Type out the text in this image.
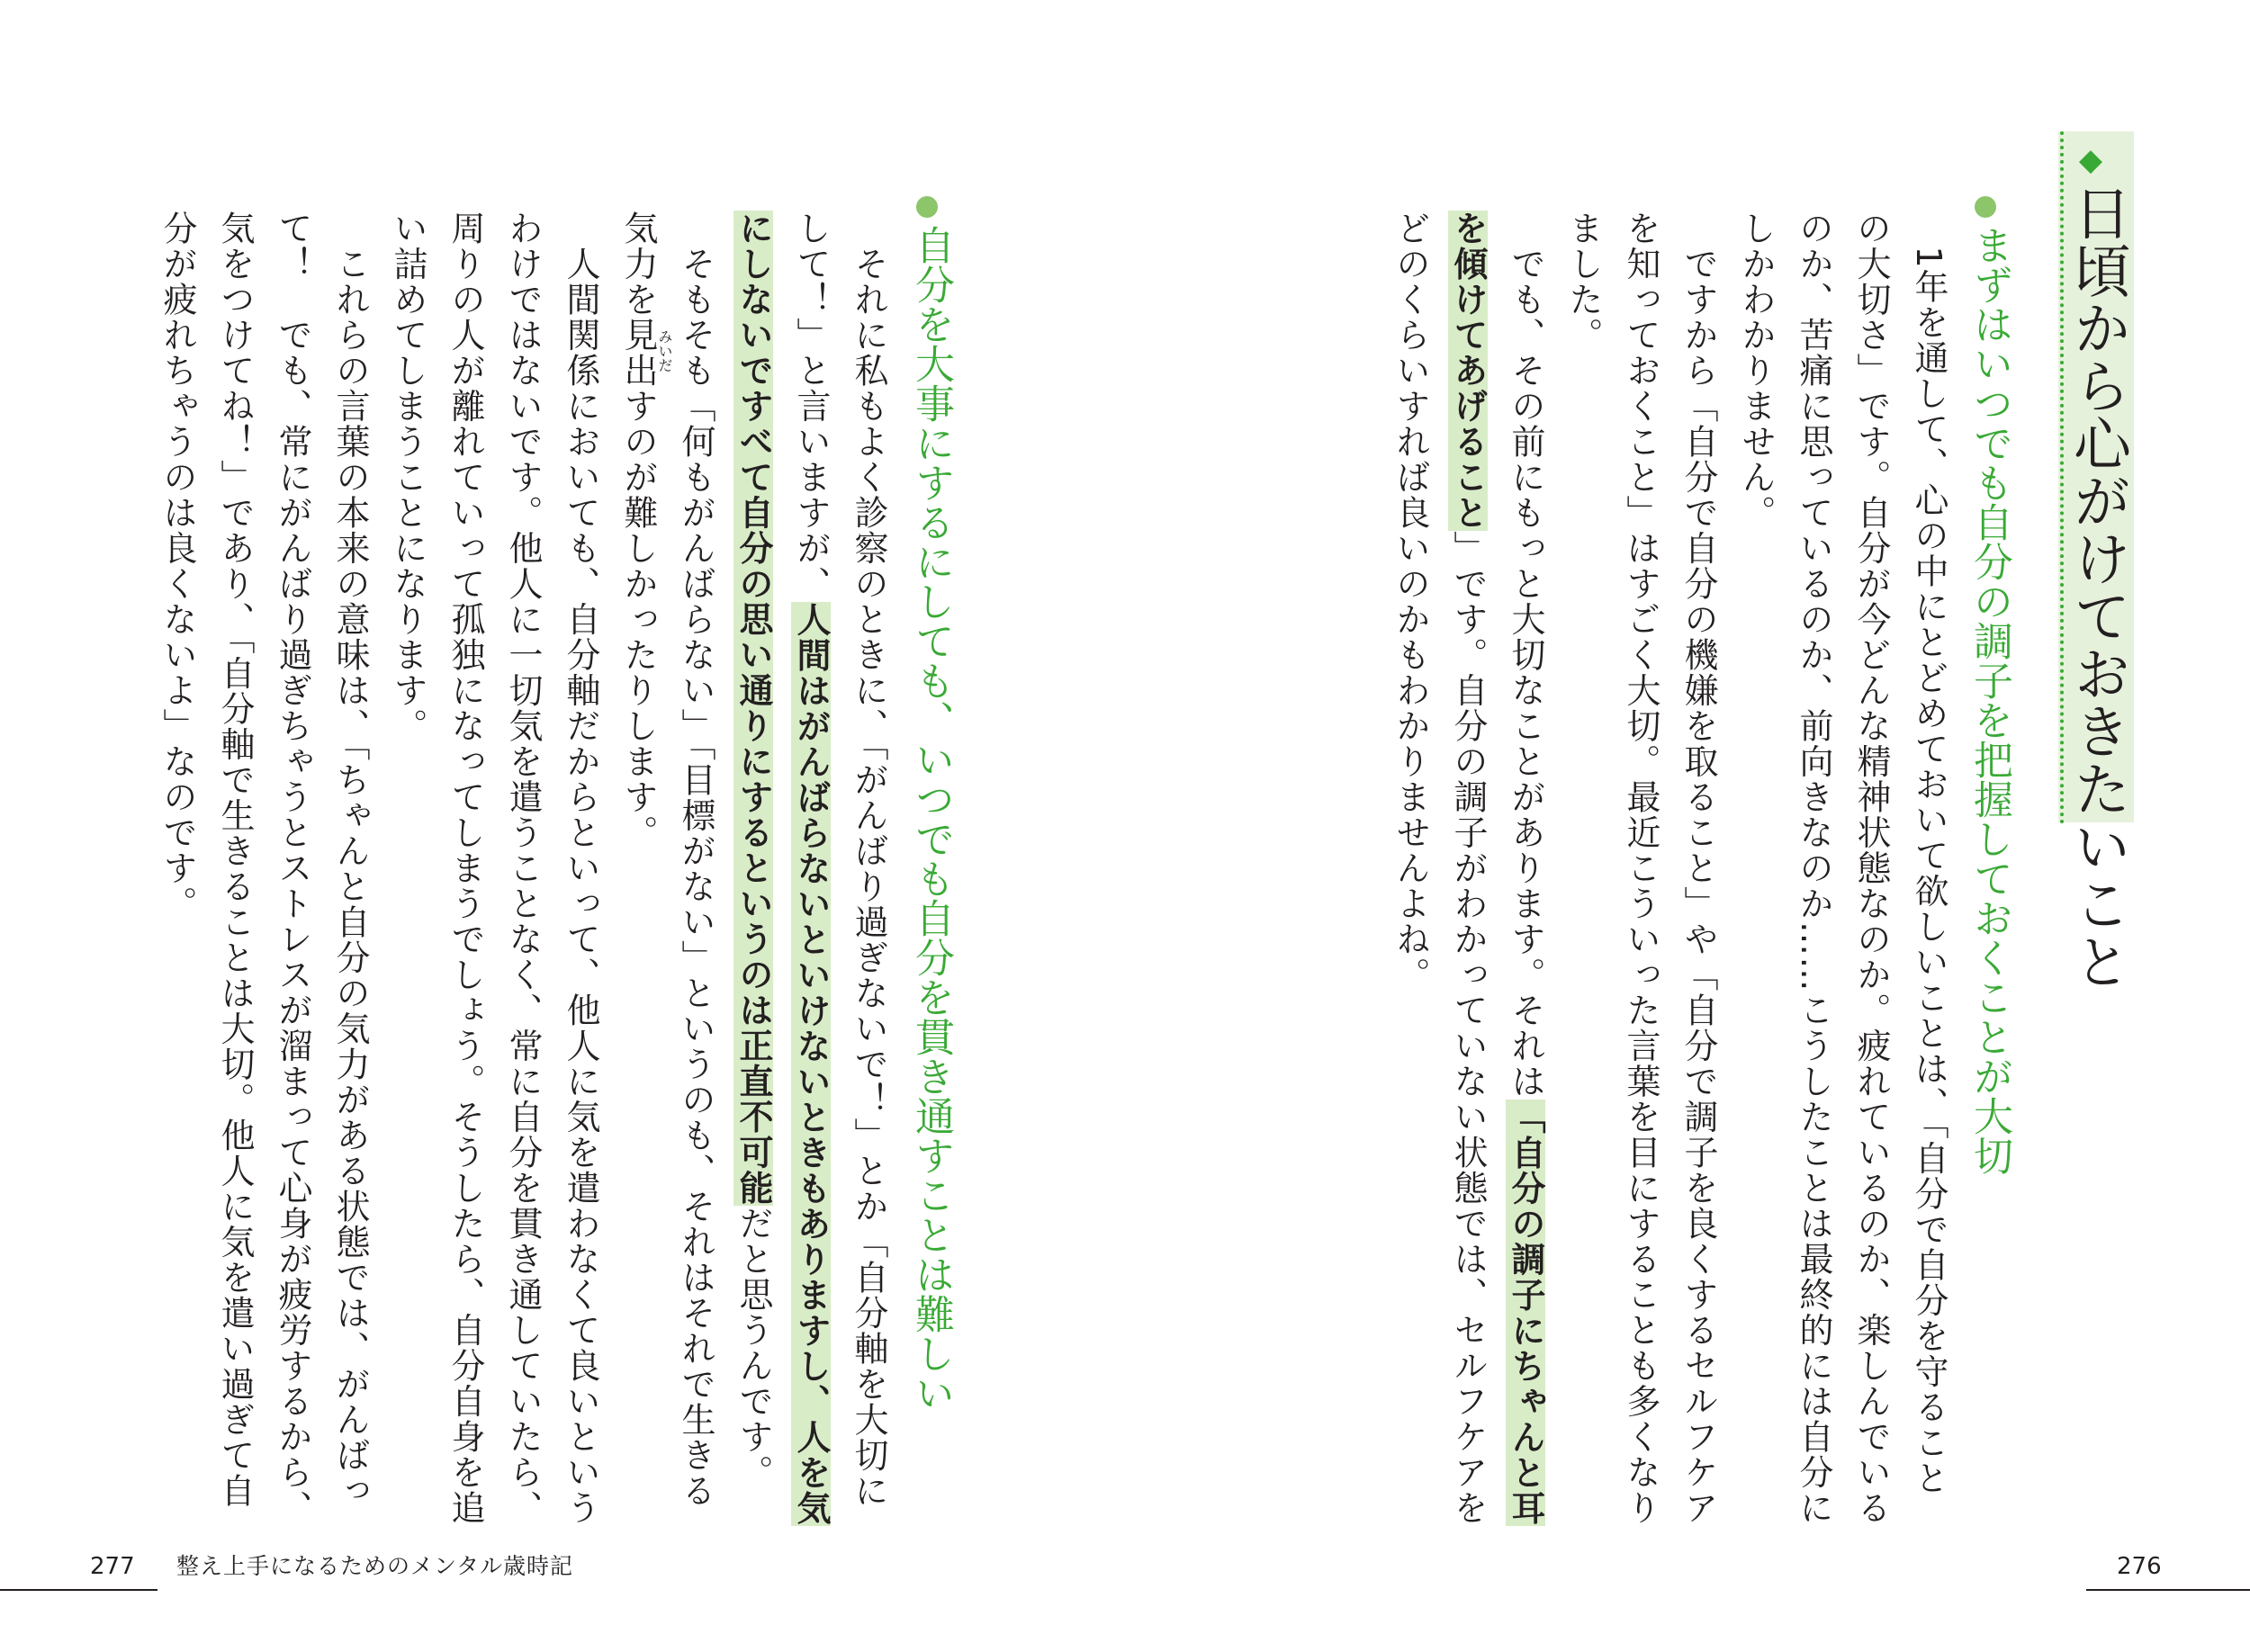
◆
日頃から心がけておきたいこと
まずはいつでも自分の調子を把握しておくことが大切
　1年を通して、心の中にとどめておいて欲しいことは、「自分で自分を守ること
の大切さ」です。自分が今どんな精神状態なのか。疲れているのか、楽しんでいる
のか、苦痛に思っているのか、前向きなのか……こうしたことは最終的には自分に
しかわかりません。
　ですから「自分で自分の機嫌を取ること」や「自分で調子を良くするセルフケア
を知っておくこと」はすごく大切。最近こういった言葉を目にすることも多くなり
ました。
　でも、その前にもっと大切なことがあります。それは「自分の調子にちゃんと耳
を傾けてあげること」です。自分の調子がわかっていない状態では、セルフケアを
どのくらいすれば良いのかもわかりませんよね。
自分を大事にするにしても、いつでも自分を貫き通すことは難しい
　それに私もよく診察のときに、「がんばり過ぎないで！」とか「自分軸を大切に
して！」と言いますが、人間はがんばらないといけないときもありますし、人を気
にしないですべて自分の思い通りにするというのは正直不可能だと思うんです。
　そもそも「何もがんばらない」「目標がない」というのも、それはそれで生きる
気力を見出すのが難しかったりします。
みいだ
　人間関係においても、自分軸だからといって、他人に気を遣わなくて良いという
わけではないです。他人に一切気を遣うことなく、常に自分を貫き通していたら、
周りの人が離れていって孤独になってしまうでしょう。そうしたら、自分自身を追
い詰めてしまうことになります。
　これらの言葉の本来の意味は、「ちゃんと自分の気力がある状態では、がんばっ
て！　でも、常にがんばり過ぎちゃうとストレスが溜まって心身が疲労するから、
気をつけてね！」であり、「自分軸で生きることは大切。他人に気を遣い過ぎて自
分が疲れちゃうのは良くないよ」なのです。
277 整え上手になるためのメンタル歳時記	276
